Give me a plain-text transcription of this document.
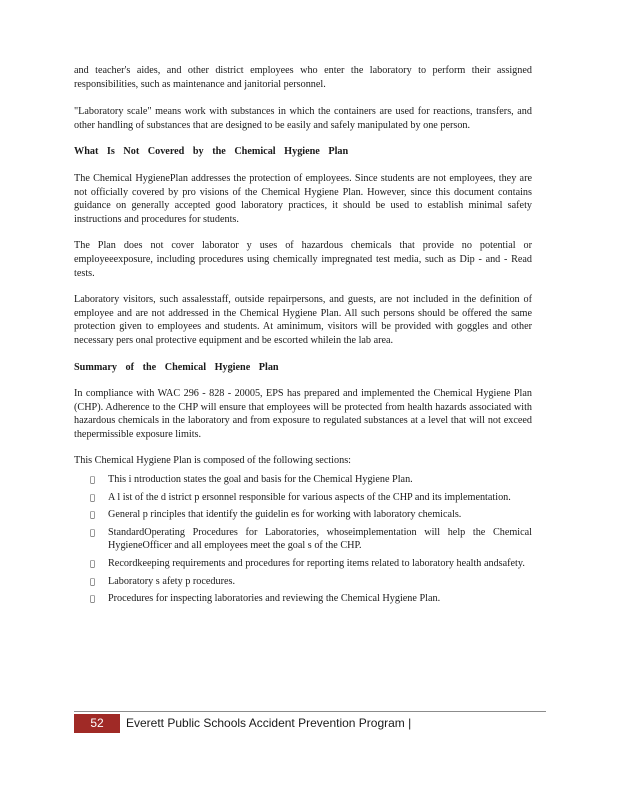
and teacher's aides, and other district employees who enter the laboratory to perform their assigned responsibilities, such as maintenance and janitorial personnel.

"Laboratory scale" means work with substances in which the containers are used for reactions, transfers, and other handling of substances that are designed to be easily and safely manipulated by one person.

What Is Not Covered by the Chemical Hygiene Plan

The Chemical HygienePlan addresses the protection of employees. Since students are not employees, they are not officially covered by pro visions of the Chemical Hygiene Plan. However, since this document contains guidance on generally accepted good laboratory practices, it should be used to establish minimal safety instructions and procedures for students.

The Plan does not cover laborator y uses of hazardous chemicals that provide no potential or employeeexposure, including procedures using chemically impregnated test media, such as Dip - and - Read tests.

Laboratory visitors, such assalesstaff, outside repairpersons, and guests, are not included in the definition of employee and are not addressed in the Chemical Hygiene Plan. All such persons should be offered the same protection given to employees and students. At aminimum, visitors will be provided with goggles and other necessary pers onal protective equipment and be escorted whilein the lab area.

Summary of the Chemical Hygiene Plan

In compliance with WAC 296 - 828 - 20005, EPS has prepared and implemented the Chemical Hygiene Plan (CHP). Adherence to the CHP will ensure that employees will be protected from health hazards associated with hazardous chemicals in the laboratory and from exposure to regulated substances at a level that will not exceed thepermissible exposure limits.

This Chemical Hygiene Plan is composed of the following sections:

This i ntroduction states the goal and basis for the Chemical Hygiene Plan.
A l ist of the d istrict p ersonnel responsible for various aspects of the CHP and its implementation.
General p rinciples that identify the guidelin es for working with laboratory chemicals.
StandardOperating Procedures for Laboratories, whoseimplementation will help the Chemical HygieneOfficer and all employees meet the goal s of the CHP.
Recordkeeping requirements and procedures for reporting items related to laboratory health andsafety.
Laboratory s afety p rocedures.
Procedures for inspecting laboratories and reviewing the Chemical Hygiene Plan.
52	Everett Public Schools Accident Prevention Program |
